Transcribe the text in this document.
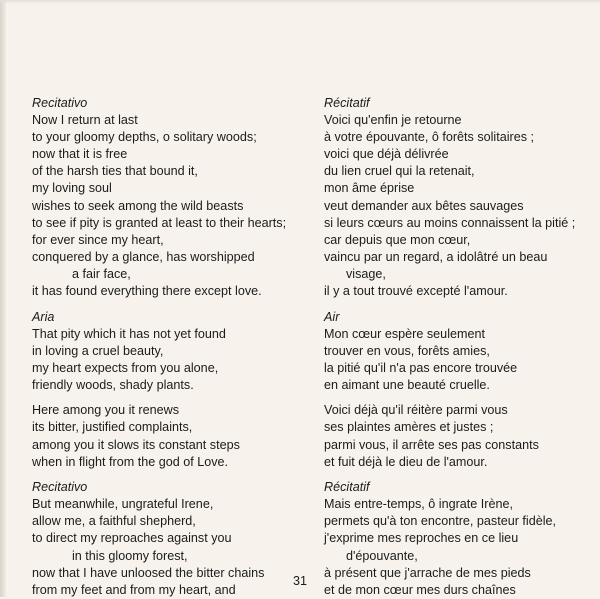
Recitativo
Now I return at last
to your gloomy depths, o solitary woods;
now that it is free
of the harsh ties that bound it,
my loving soul
wishes to seek among the wild beasts
to see if pity is granted at least to their hearts;
for ever since my heart,
conquered by a glance, has worshipped
a fair face,
it has found everything there except love.
Aria
That pity which it has not yet found
in loving a cruel beauty,
my heart expects from you alone,
friendly woods, shady plants.
Here among you it renews
its bitter, justified complaints,
among you it slows its constant steps
when in flight from the god of Love.
Recitativo
But meanwhile, ungrateful Irene,
allow me, a faithful shepherd,
to direct my reproaches against you
in this gloomy forest,
now that I have unloosed the bitter chains
from my feet and from my heart, and
Récitatif
Voici qu'enfin je retourne
à votre épouvante, ô forêts solitaires ;
voici que déjà délivrée
du lien cruel qui la retenait,
mon âme éprise
veut demander aux bêtes sauvages
si leurs cœurs au moins connaissent la pitié ;
car depuis que mon cœur,
vaincu par un regard, a idolâtré un beau
visage,
il y a tout trouvé excepté l'amour.
Air
Mon cœur espère seulement
trouver en vous, forêts amies,
la pitié qu'il n'a pas encore trouvée
en aimant une beauté cruelle.
Voici déjà qu'il réitère parmi vous
ses plaintes amères et justes ;
parmi vous, il arrête ses pas constants
et fuit déjà le dieu de l'amour.
Récitatif
Mais entre-temps, ô ingrate Irène,
permets qu'à ton encontre, pasteur fidèle,
j'exprime mes reproches en ce lieu
d'épouvante,
à présent que j'arrache de mes pieds
et de mon cœur mes durs chaînes
31
